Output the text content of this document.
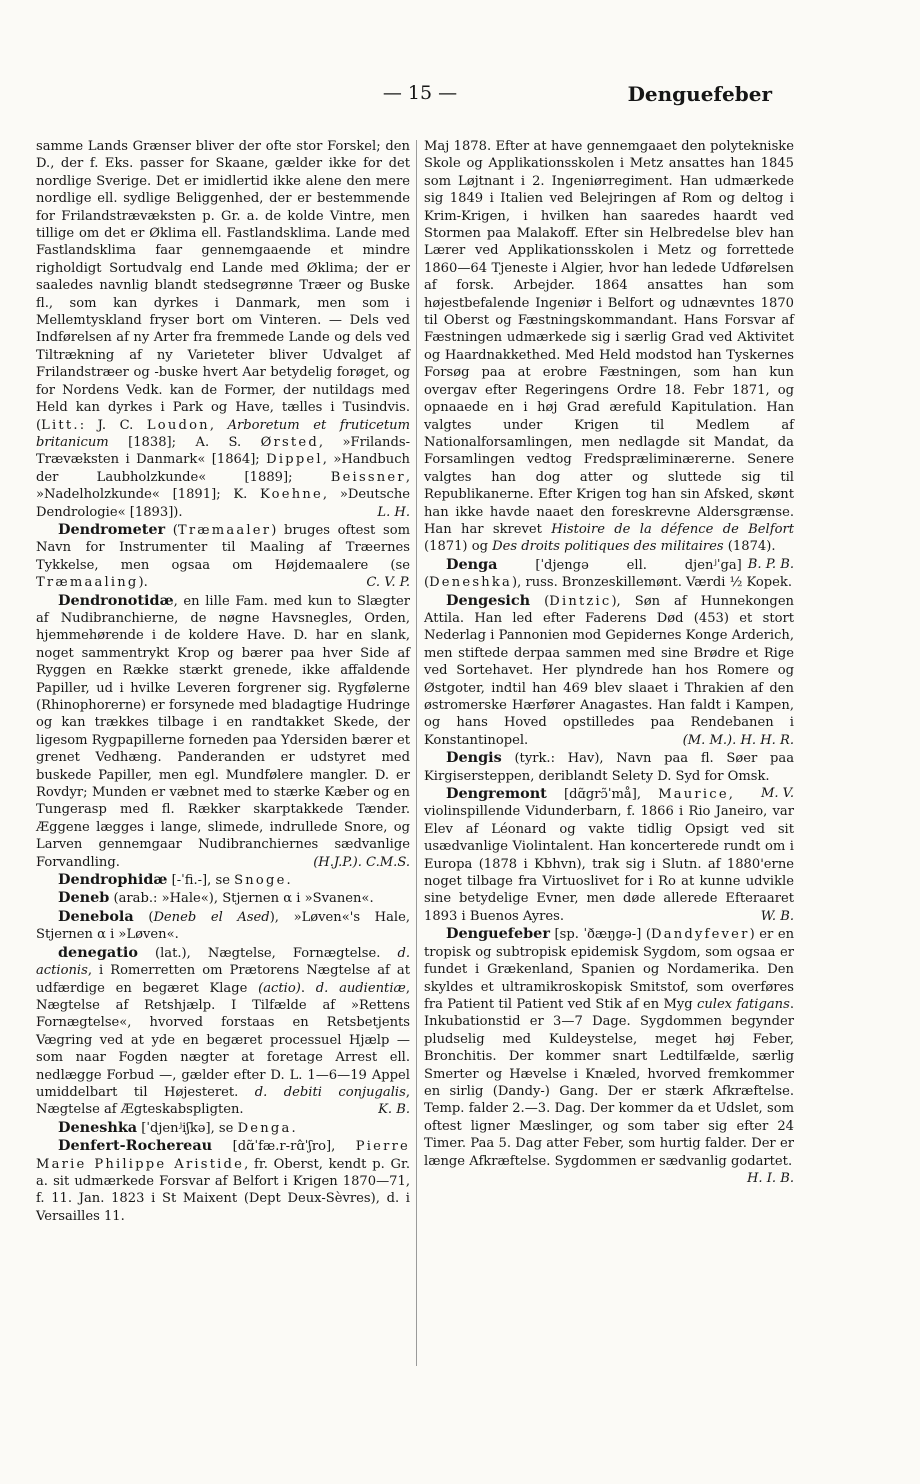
— 15 —	Denguefeber

samme Lands Grænser bliver der ofte stor Forskel; den D., der f. Eks. passer for Skaane, gælder ikke for det nordlige Sverige. Det er imidlertid ikke alene den mere nordlige ell. sydlige Beliggenhed, der er bestemmende for Frilandstrævæksten p. Gr. a. de kolde Vintre, men tillige om det er Øklima ell. Fastlandsklima. Lande med Fastlandsklima faar gennemgaaende et mindre righoldigt Sortudvalg end Lande med Øklima; der er saaledes navnlig blandt stedsegrønne Træer og Buske fl., som kan dyrkes i Danmark, men som i Mellemtyskland fryser bort om Vinteren. — Dels ved Indførelsen af ny Arter fra fremmede Lande og dels ved Tiltrækning af ny Varieteter bliver Udvalget af Frilandstræer og -buske hvert Aar betydelig forøget, og for Nordens Vedk. kan de Former, der nutildags med Held kan dyrkes i Park og Have, tælles i Tusindvis. (Litt.: J. C. Loudon, Arboretum et fruticetum britanicum [1838]; A. S. Ørsted, »Frilands-Trævæksten i Danmark« [1864]; Dippel, »Handbuch der Laubholzkunde« [1889]; Beissner, »Nadelholzkunde« [1891]; K. Koehne, »Deutsche Dendrologie« [1893]).	L. H.

Dendrometer (Træmaaler) bruges oftest som Navn for Instrumenter til Maaling af Træernes Tykkelse, men ogsaa om Højdemaalere (se Træmaaling).	C. V. P.

Dendronotidæ, en lille Fam. med kun to Slægter af Nudibranchierne, de nøgne Havsnegles, Orden, hjemmehørende i de koldere Have. D. har en slank, noget sammentrykt Krop og bærer paa hver Side af Ryggen en Række stærkt grenede, ikke affaldende Papiller, ud i hvilke Leveren forgrener sig. Rygfølerne (Rhinophorerne) er forsynede med bladagtige Hudringe og kan trækkes tilbage i en randtakket Skede, der ligesom Rygpapillerne forneden paa Ydersiden bærer et grenet Vedhæng. Panderanden er udstyret med buskede Papiller, men egl. Mundfølere mangler. D. er Rovdyr; Munden er væbnet med to stærke Kæber og en Tungerasp med fl. Rækker skarptakkede Tænder. Æggene lægges i lange, slimede, indrullede Snore, og Larven gennemgaar Nudibranchiernes sædvanlige Forvandling.	(H.J.P.). C.M.S.

Dendrophidæ [-ˈfi.-], se Snoge.

Deneb (arab.: »Hale«), Stjernen α i »Svanen«.

Denebola (Deneb el Ased), »Løven«'s Hale, Stjernen α i »Løven«.

denegatio (lat.), Nægtelse, Fornægtelse. d. actionis, i Romerretten om Prætorens Nægtelse af at udfærdige en begæret Klage (actio). d. audientiæ, Nægtelse af Retshjælp. I Tilfælde af »Rettens Fornægtelse«, hvorved forstaas en Retsbetjents Vægring ved at yde en begæret processuel Hjælp — som naar Fogden nægter at foretage Arrest ell. nedlægge Forbud —, gælder efter D. L. 1—6—19 Appel umiddelbart til Højesteret. d. debiti conjugalis, Nægtelse af Ægteskabspligten.	K. B.

Deneshka [ˈdjenʲiʃkə], se Denga.

Denfert-Rochereau [dɑ̃ˈfæ.r-rɑ̂ˈʃro], Pierre Marie Philippe Aristide, fr. Oberst, kendt p. Gr. a. sit udmærkede Forsvar af Belfort i Krigen 1870—71, f. 11. Jan. 1823 i St Maixent (Dept Deux-Sèvres), d. i Versailles 11.

Maj 1878. Efter at have gennemgaaet den polytekniske Skole og Applikationsskolen i Metz ansattes han 1845 som Løjtnant i 2. Ingeniørregiment. Han udmærkede sig 1849 i Italien ved Belejringen af Rom og deltog i Krim-Krigen, i hvilken han saaredes haardt ved Stormen paa Malakoff. Efter sin Helbredelse blev han Lærer ved Applikationsskolen i Metz og forrettede 1860—64 Tjeneste i Algier, hvor han ledede Udførelsen af forsk. Arbejder. 1864 ansattes han som højestbefalende Ingeniør i Belfort og udnævntes 1870 til Oberst og Fæstningskommandant. Hans Forsvar af Fæstningen udmærkede sig i særlig Grad ved Aktivitet og Haardnakkethed. Med Held modstod han Tyskernes Forsøg paa at erobre Fæstningen, som han kun overgav efter Regeringens Ordre 18. Febr 1871, og opnaaede en i høj Grad ærefuld Kapitulation. Han valgtes under Krigen til Medlem af Nationalforsamlingen, men nedlagde sit Mandat, da Forsamlingen vedtog Fredspræliminærerne. Senere valgtes han dog atter og sluttede sig til Republikanerne. Efter Krigen tog han sin Afsked, skønt han ikke havde naaet den foreskrevne Aldersgrænse. Han har skrevet Histoire de la défence de Belfort (1871) og Des droits politiques des militaires (1874).
B. P. B.

Denga [ˈdjengə ell. djenʲˈga] (Deneshka), russ. Bronzeskillemønt. Værdi ½ Kopek.

Dengesich (Dintzic), Søn af Hunnekongen Attila. Han led efter Faderens Død (453) et stort Nederlag i Pannonien mod Gepidernes Konge Arderich, men stiftede derpaa sammen med sine Brødre et Rige ved Sortehavet. Her plyndrede han hos Romere og Østgoter, indtil han 469 blev slaaet i Thrakien af den østromerske Hærfører Anagastes. Han faldt i Kampen, og hans Hoved opstilledes paa Rendebanen i Konstantinopel.	(M. M.). H. H. R.

Dengis (tyrk.: Hav), Navn paa fl. Søer paa Kirgisersteppen, deriblandt Selety D. Syd for Omsk.
M. V.

Dengremont [dɑ̃grɔ̃ˈmå], Maurice, violinspillende Vidunderbarn, f. 1866 i Rio Janeiro, var Elev af Léonard og vakte tidlig Opsigt ved sit usædvanlige Violintalent. Han koncerterede rundt om i Europa (1878 i Kbhvn), trak sig i Slutn. af 1880'erne noget tilbage fra Virtuoslivet for i Ro at kunne udvikle sine betydelige Evner, men døde allerede Efteraaret 1893 i Buenos Ayres.	W. B.

Denguefeber [sp. ˈðæŋgə-] (Dandyfever) er en tropisk og subtropisk epidemisk Sygdom, som ogsaa er fundet i Grækenland, Spanien og Nordamerika. Den skyldes et ultramikroskopisk Smitstof, som overføres fra Patient til Patient ved Stik af en Myg culex fatigans. Inkubationstid er 3—7 Dage. Sygdommen begynder pludselig med Kuldeystelse, meget høj Feber, Bronchitis. Der kommer snart Ledtilfælde, særlig Smerter og Hævelse i Knæled, hvorved fremkommer en sirlig (Dandy-) Gang. Der er stærk Afkræftelse. Temp. falder 2.—3. Dag. Der kommer da et Udslet, som oftest ligner Mæslinger, og som taber sig efter 24 Timer. Paa 5. Dag atter Feber, som hurtig falder. Der er længe Afkræftelse. Sygdommen er sædvanlig godartet.
H. I. B.
